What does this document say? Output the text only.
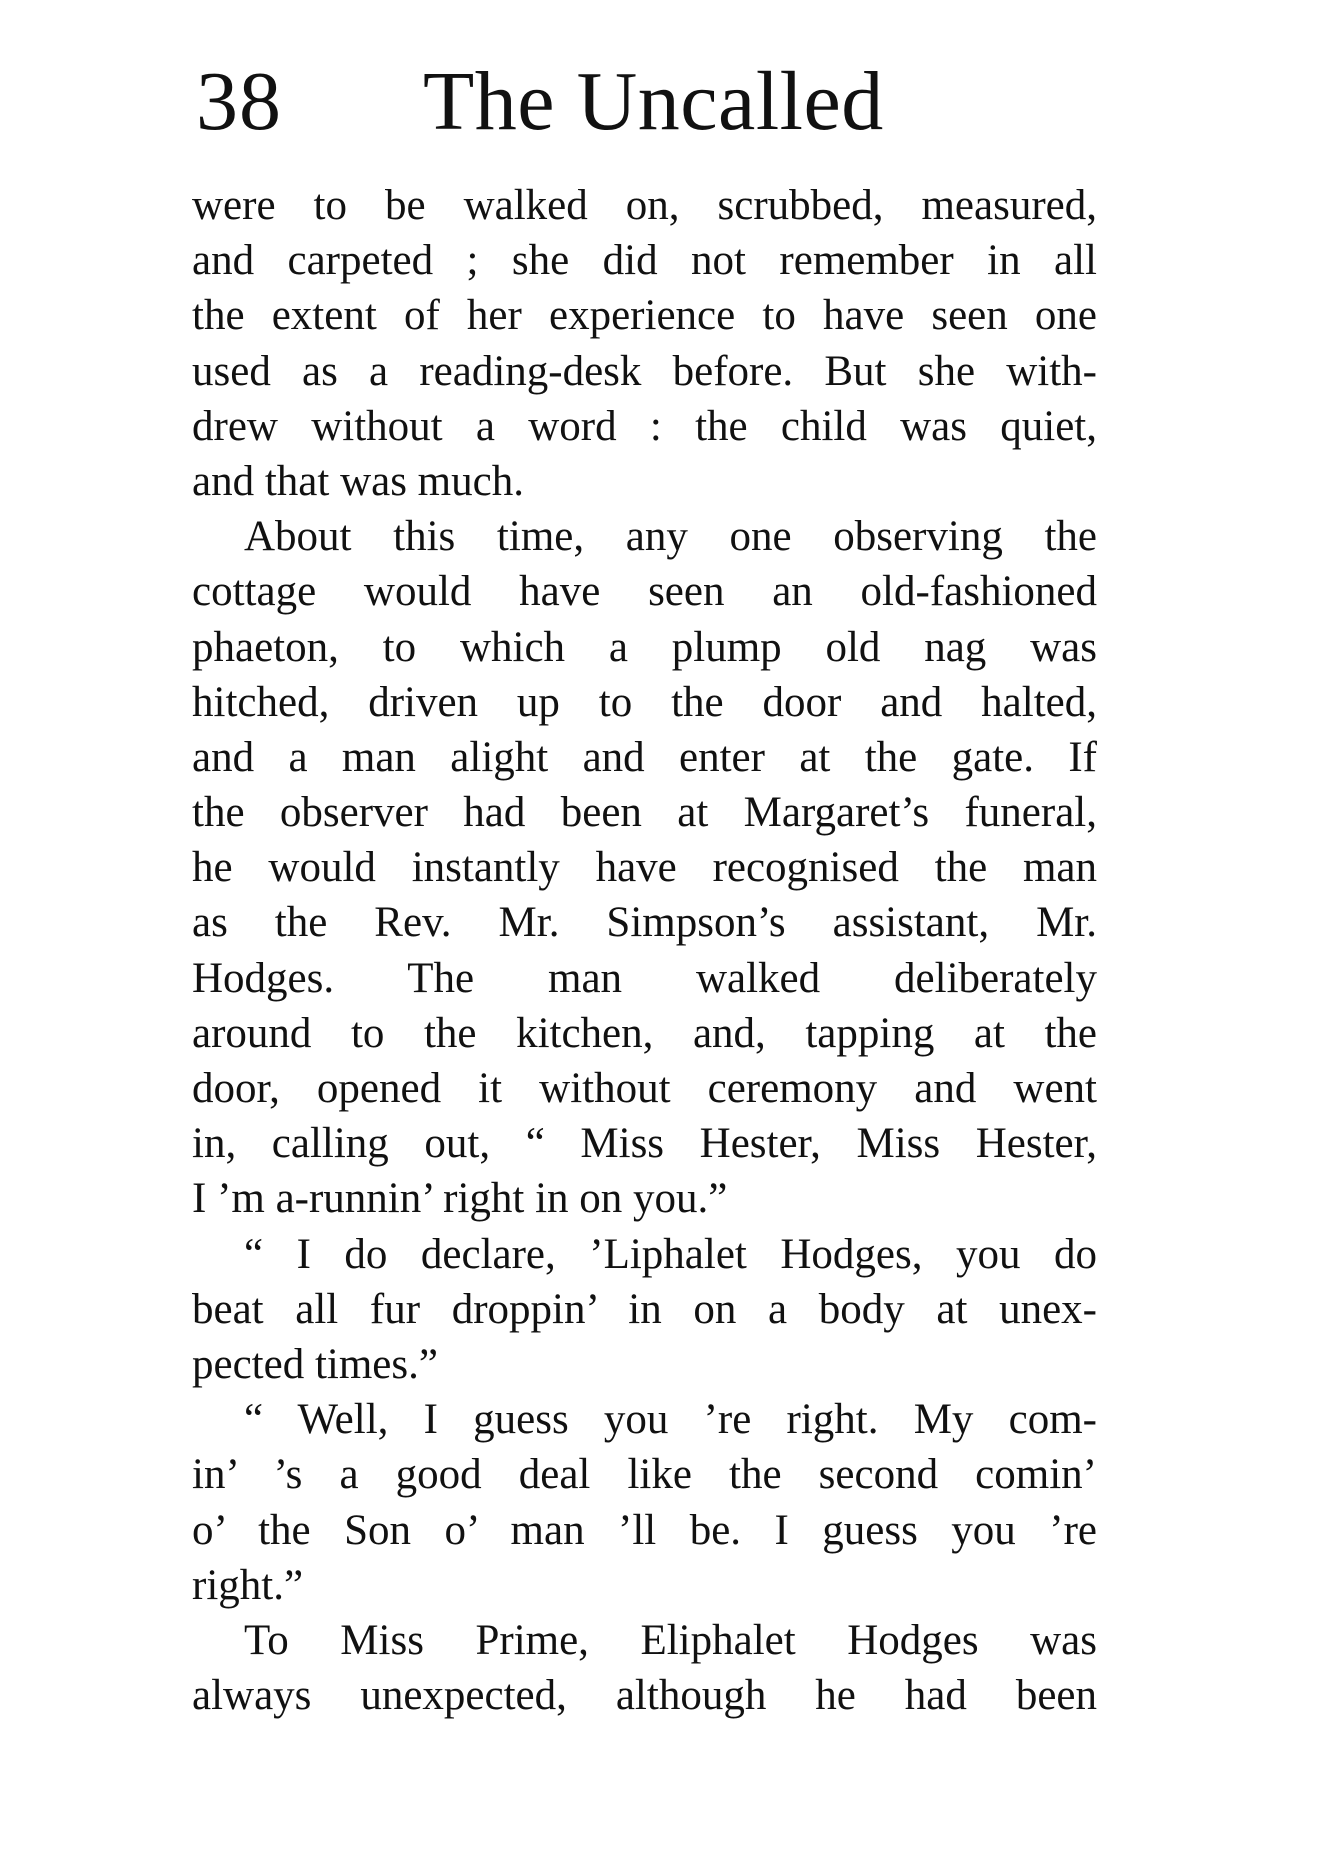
38 The Uncalled
were to be walked on, scrubbed, measured,
and carpeted ; she did not remember in all
the extent of her experience to have seen one
used as a reading-desk before. But she with-
drew without a word : the child was quiet,
and that was much.
About this time, any one observing the
cottage would have seen an old-fashioned
phaeton, to which a plump old nag was
hitched, driven up to the door and halted,
and a man alight and enter at the gate. If
the observer had been at Margaret’s funeral,
he would instantly have recognised the man
as the Rev. Mr. Simpson’s assistant, Mr.
Hodges. The man walked deliberately
around to the kitchen, and, tapping at the
door, opened it without ceremony and went
in, calling out, “ Miss Hester, Miss Hester,
I ’m a-runnin’ right in on you.”
“ I do declare, ’Liphalet Hodges, you do
beat all fur droppin’ in on a body at unex-
pected times.”
“ Well, I guess you ’re right. My com-
in’ ’s a good deal like the second comin’
o’ the Son o’ man ’ll be. I guess you ’re
right.”
To Miss Prime, Eliphalet Hodges was
always unexpected, although he had been
